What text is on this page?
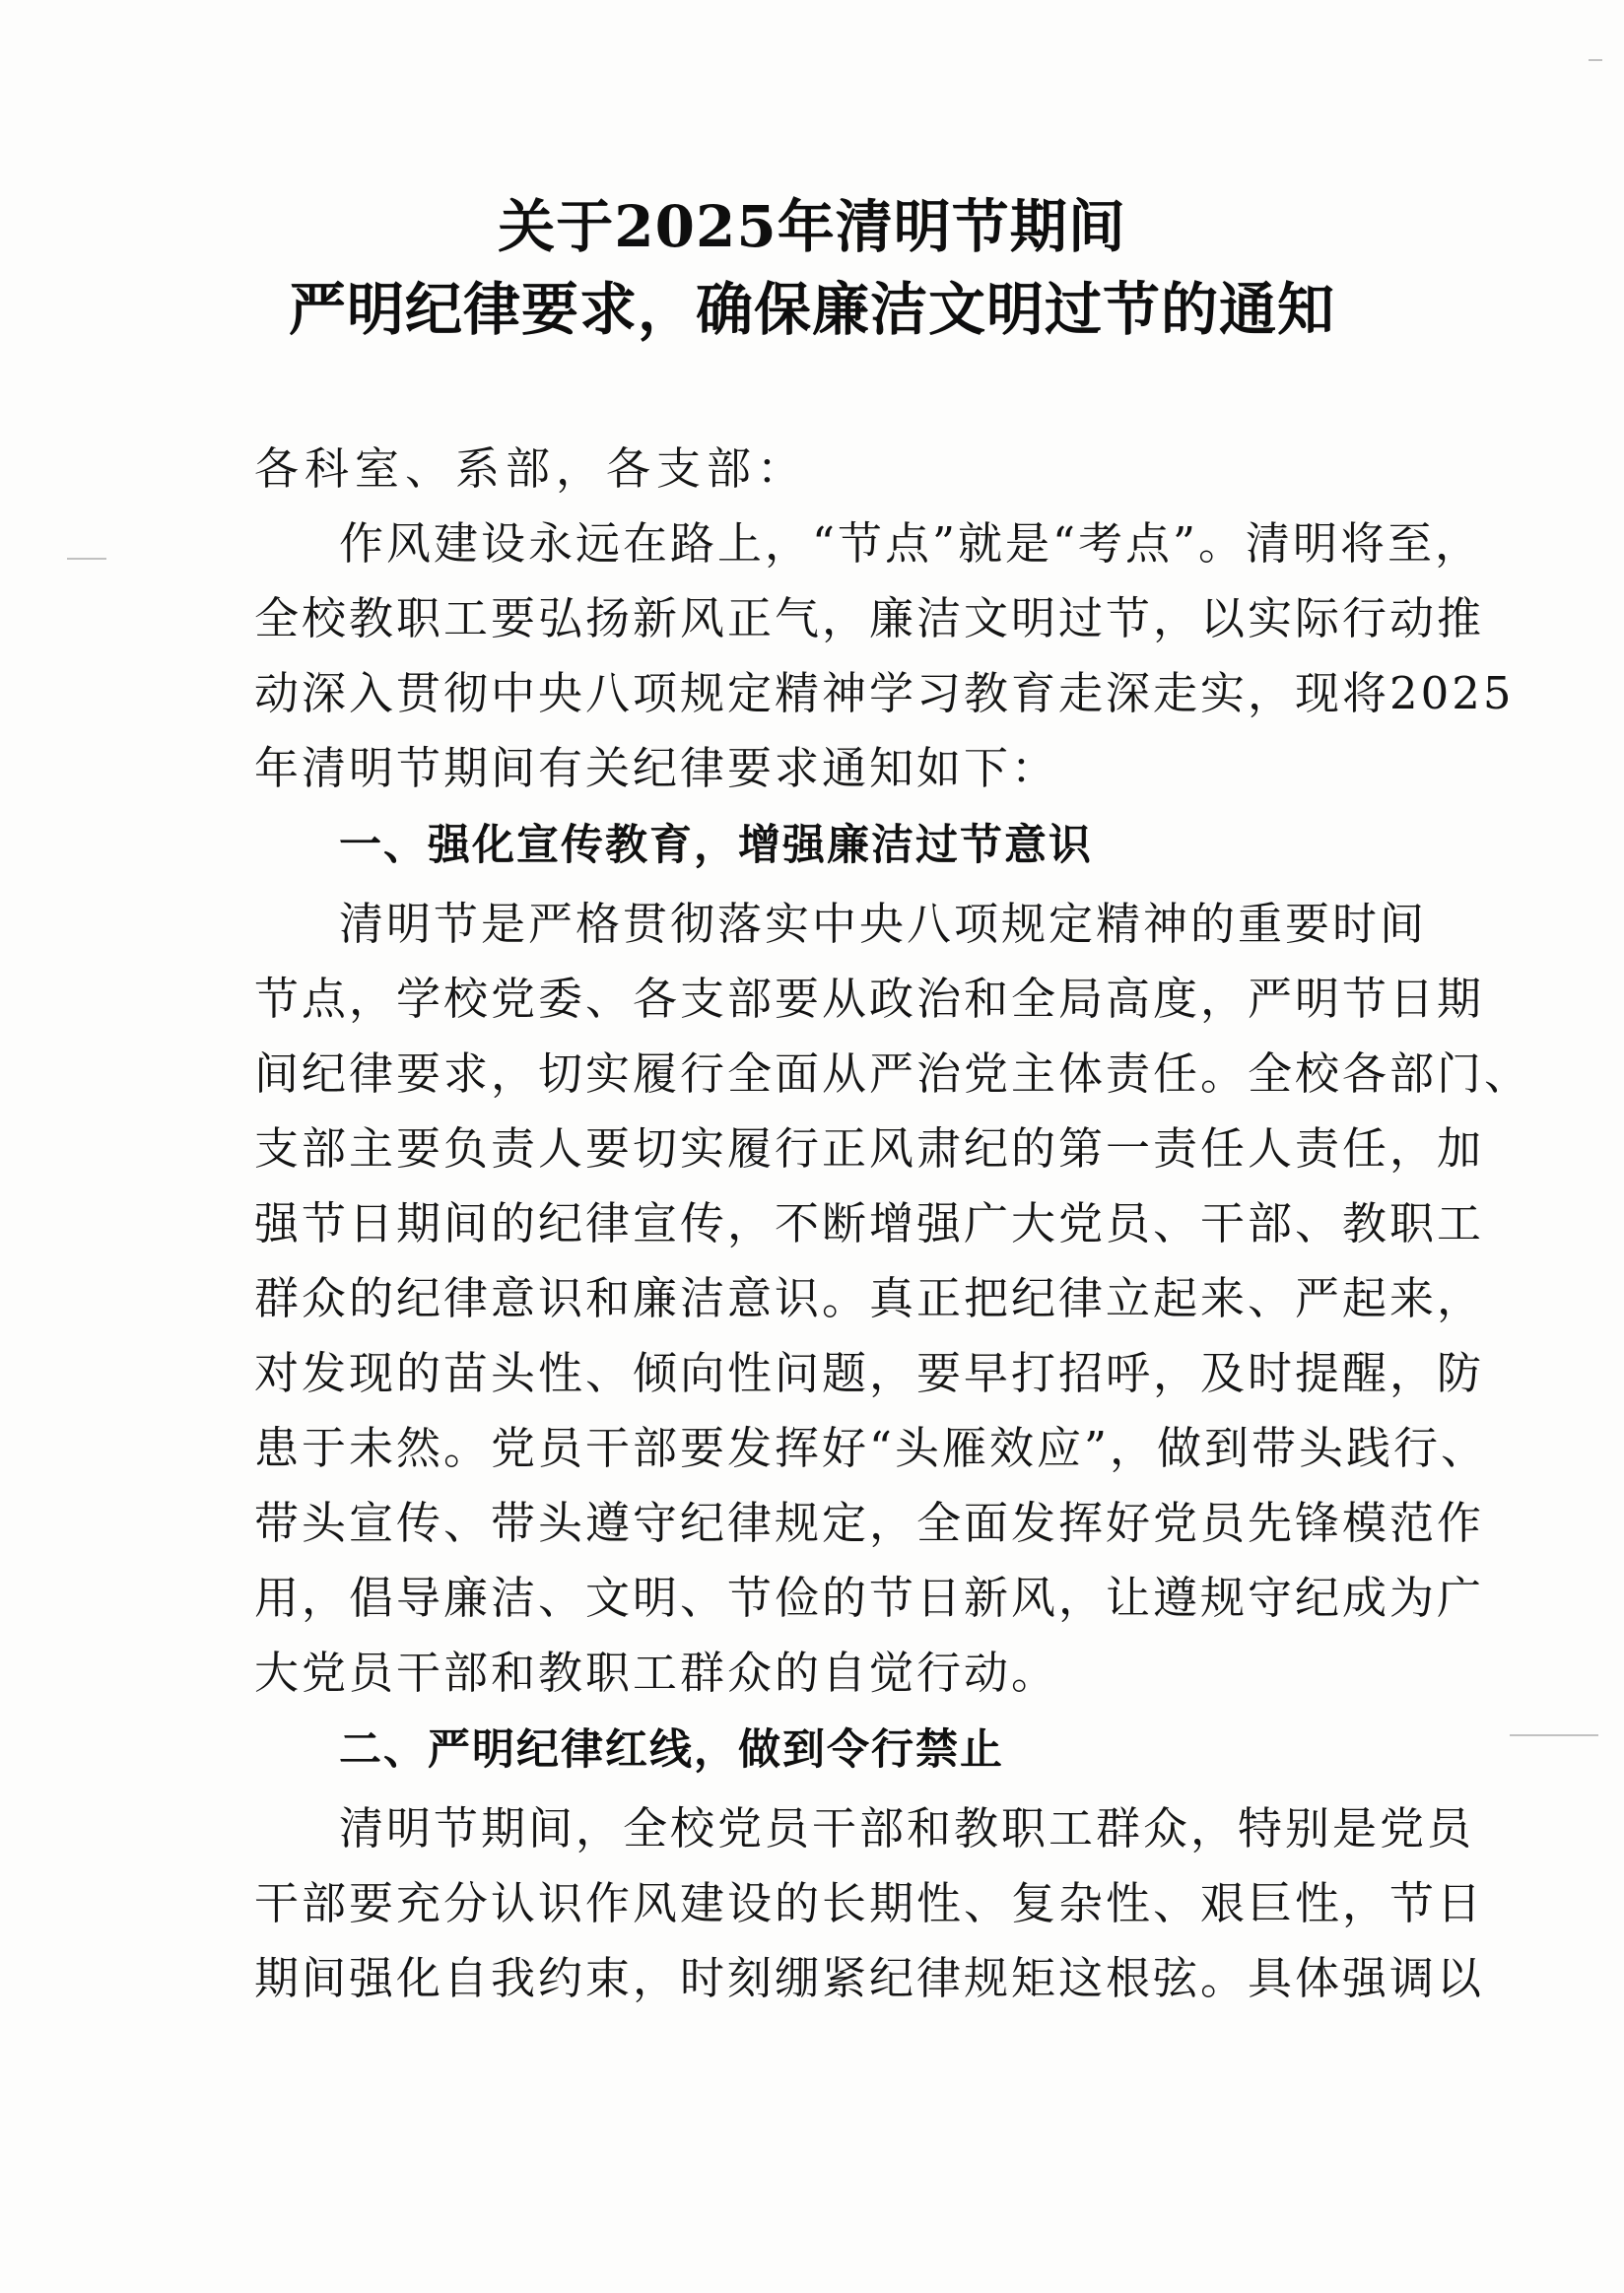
关于2025年清明节期间
严明纪律要求，确保廉洁文明过节的通知
各科室、系部，各支部：
作风建设永远在路上，“节点”就是“考点”。清明将至，
全校教职工要弘扬新风正气，廉洁文明过节，以实际行动推
动深入贯彻中央八项规定精神学习教育走深走实，现将2025
年清明节期间有关纪律要求通知如下：
一、强化宣传教育，增强廉洁过节意识
清明节是严格贯彻落实中央八项规定精神的重要时间
节点，学校党委、各支部要从政治和全局高度，严明节日期
间纪律要求，切实履行全面从严治党主体责任。全校各部门、
支部主要负责人要切实履行正风肃纪的第一责任人责任，加
强节日期间的纪律宣传，不断增强广大党员、干部、教职工
群众的纪律意识和廉洁意识。真正把纪律立起来、严起来，
对发现的苗头性、倾向性问题，要早打招呼，及时提醒，防
患于未然。党员干部要发挥好“头雁效应”，做到带头践行、
带头宣传、带头遵守纪律规定，全面发挥好党员先锋模范作
用，倡导廉洁、文明、节俭的节日新风，让遵规守纪成为广
大党员干部和教职工群众的自觉行动。
二、严明纪律红线，做到令行禁止
清明节期间，全校党员干部和教职工群众，特别是党员
干部要充分认识作风建设的长期性、复杂性、艰巨性，节日
期间强化自我约束，时刻绷紧纪律规矩这根弦。具体强调以
